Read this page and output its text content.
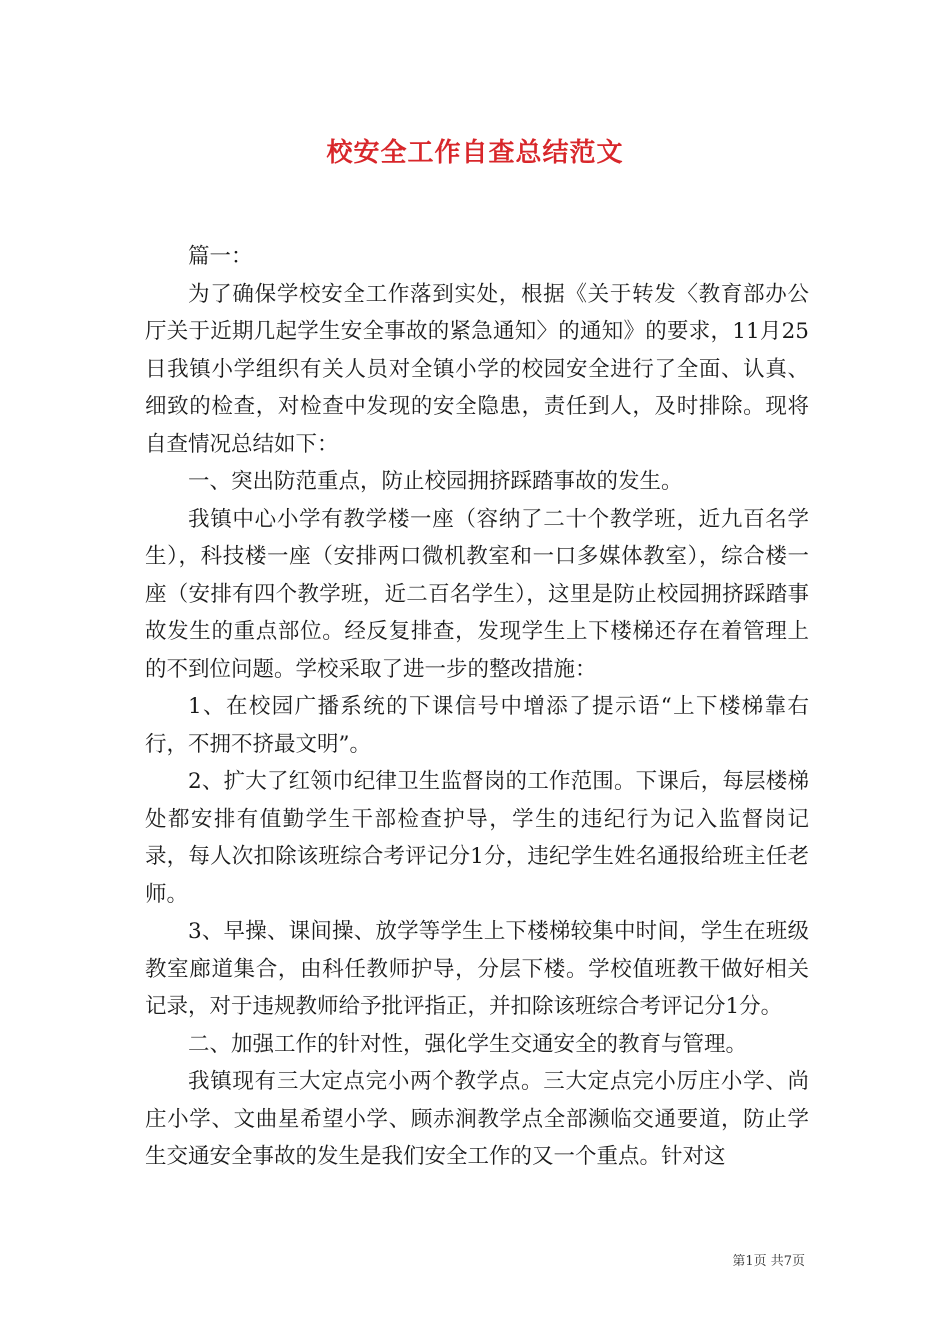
校安全工作自查总结范文

篇一：

为了确保学校安全工作落到实处，根据《关于转发〈教育部办公厅关于近期几起学生安全事故的紧急通知〉的通知》的要求，11月25日我镇小学组织有关人员对全镇小学的校园安全进行了全面、认真、细致的检查，对检查中发现的安全隐患，责任到人，及时排除。现将自查情况总结如下：

一、突出防范重点，防止校园拥挤踩踏事故的发生。

我镇中心小学有教学楼一座（容纳了二十个教学班，近九百名学生），科技楼一座（安排两口微机教室和一口多媒体教室），综合楼一座（安排有四个教学班，近二百名学生），这里是防止校园拥挤踩踏事故发生的重点部位。经反复排查，发现学生上下楼梯还存在着管理上的不到位问题。学校采取了进一步的整改措施：

1、在校园广播系统的下课信号中增添了提示语“上下楼梯靠右行，不拥不挤最文明”。

2、扩大了红领巾纪律卫生监督岗的工作范围。下课后，每层楼梯处都安排有值勤学生干部检查护导，学生的违纪行为记入监督岗记录，每人次扣除该班综合考评记分1分，违纪学生姓名通报给班主任老师。

3、早操、课间操、放学等学生上下楼梯较集中时间，学生在班级教室廊道集合，由科任教师护导，分层下楼。学校值班教干做好相关记录，对于违规教师给予批评指正，并扣除该班综合考评记分1分。

二、加强工作的针对性，强化学生交通安全的教育与管理。

我镇现有三大定点完小两个教学点。三大定点完小厉庄小学、尚庄小学、文曲星希望小学、顾赤涧教学点全部濒临交通要道，防止学生交通安全事故的发生是我们安全工作的又一个重点。针对这

第1页 共7页
